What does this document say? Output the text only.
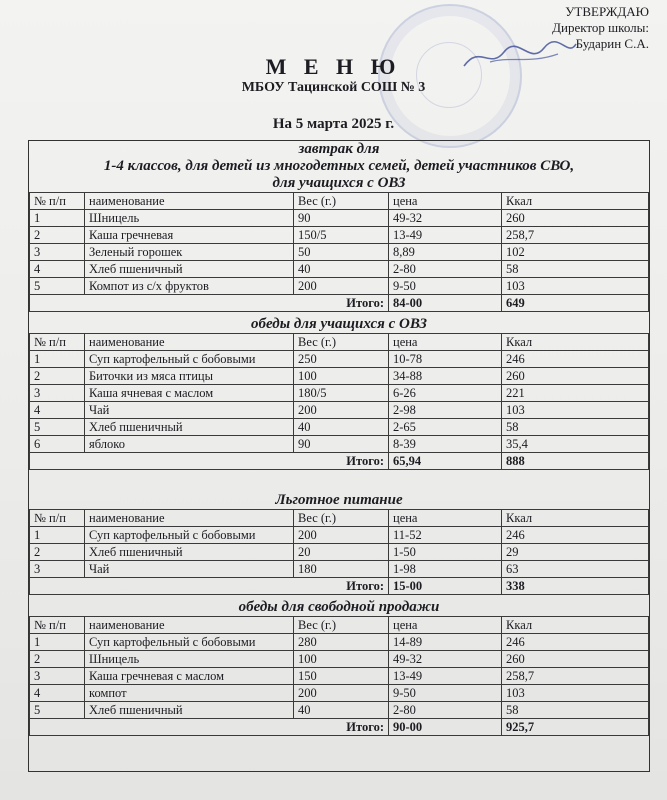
УТВЕРЖДАЮ
Директор школы:
Бударин С.А.
М Е Н Ю
МБОУ Тацинской СОШ № 3
На 5 марта 2025 г.
завтрак для
1-4 классов, для детей из многодетных семей, детей участников СВО,
для учащихся с ОВЗ
№ п/п	наименование	Вес (г.)	цена	Ккал
1	Шницель	90	49-32	260
2	Каша гречневая	150/5	13-49	258,7
3	Зеленый горошек	50	8,89	102
4	Хлеб пшеничный	40	2-80	58
5	Компот из с/х фруктов	200	9-50	103
		Итого:	84-00	649
обеды для учащихся с ОВЗ
№ п/п	наименование	Вес (г.)	цена	Ккал
1	Суп картофельный с бобовыми	250	10-78	246
2	Биточки из мяса птицы	100	34-88	260
3	Каша ячневая с маслом	180/5	6-26	221
4	Чай	200	2-98	103
5	Хлеб пшеничный	40	2-65	58
6	яблоко	90	8-39	35,4
		Итого:	65,94	888
Льготное питание
№ п/п	наименование	Вес (г.)	цена	Ккал
1	Суп картофельный с бобовыми	200	11-52	246
2	Хлеб пшеничный	20	1-50	29
3	Чай	180	1-98	63
		Итого:	15-00	338
обеды для свободной продажи
№ п/п	наименование	Вес (г.)	цена	Ккал
1	Суп картофельный с бобовыми	280	14-89	246
2	Шницель	100	49-32	260
3	Каша гречневая с маслом	150	13-49	258,7
4	компот	200	9-50	103
5	Хлеб пшеничный	40	2-80	58
		Итого:	90-00	925,7
